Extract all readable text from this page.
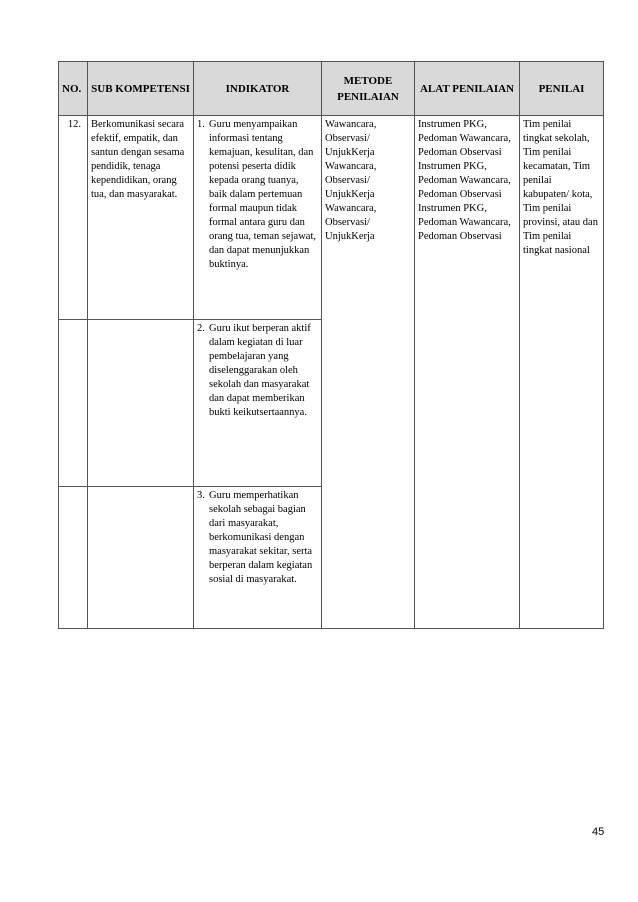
NO.	SUB KOMPETENSI	INDIKATOR	METODE PENILAIAN	ALAT PENILAIAN	PENILAI
12.	Berkomunikasi secara efektif, empatik, dan santun dengan sesama pendidik, tenaga kependidikan, orang tua, dan masyarakat.	1. Guru menyampaikan informasi tentang kemajuan, kesulitan, dan potensi peserta didik kepada orang tuanya, baik dalam pertemuan formal maupun tidak formal antara guru dan orang tua, teman sejawat, dan dapat menunjukkan buktinya.	Wawancara, Observasi/ UnjukKerja Wawancara, Observasi/ UnjukKerja Wawancara, Observasi/ UnjukKerja	Instrumen PKG, Pedoman Wawancara, Pedoman Observasi Instrumen PKG, Pedoman Wawancara, Pedoman Observasi Instrumen PKG, Pedoman Wawancara, Pedoman Observasi	Tim penilai tingkat sekolah, Tim penilai kecamatan, Tim penilai kabupaten/ kota, Tim penilai provinsi, atau dan Tim penilai tingkat nasional

		2. Guru ikut berperan aktif dalam kegiatan di luar pembelajaran yang diselenggarakan oleh sekolah dan masyarakat dan dapat memberikan bukti keikutsertaannya.			

		3. Guru memperhatikan sekolah sebagai bagian dari masyarakat, berkomunikasi dengan masyarakat sekitar, serta berperan dalam kegiatan sosial di masyarakat.			
45
